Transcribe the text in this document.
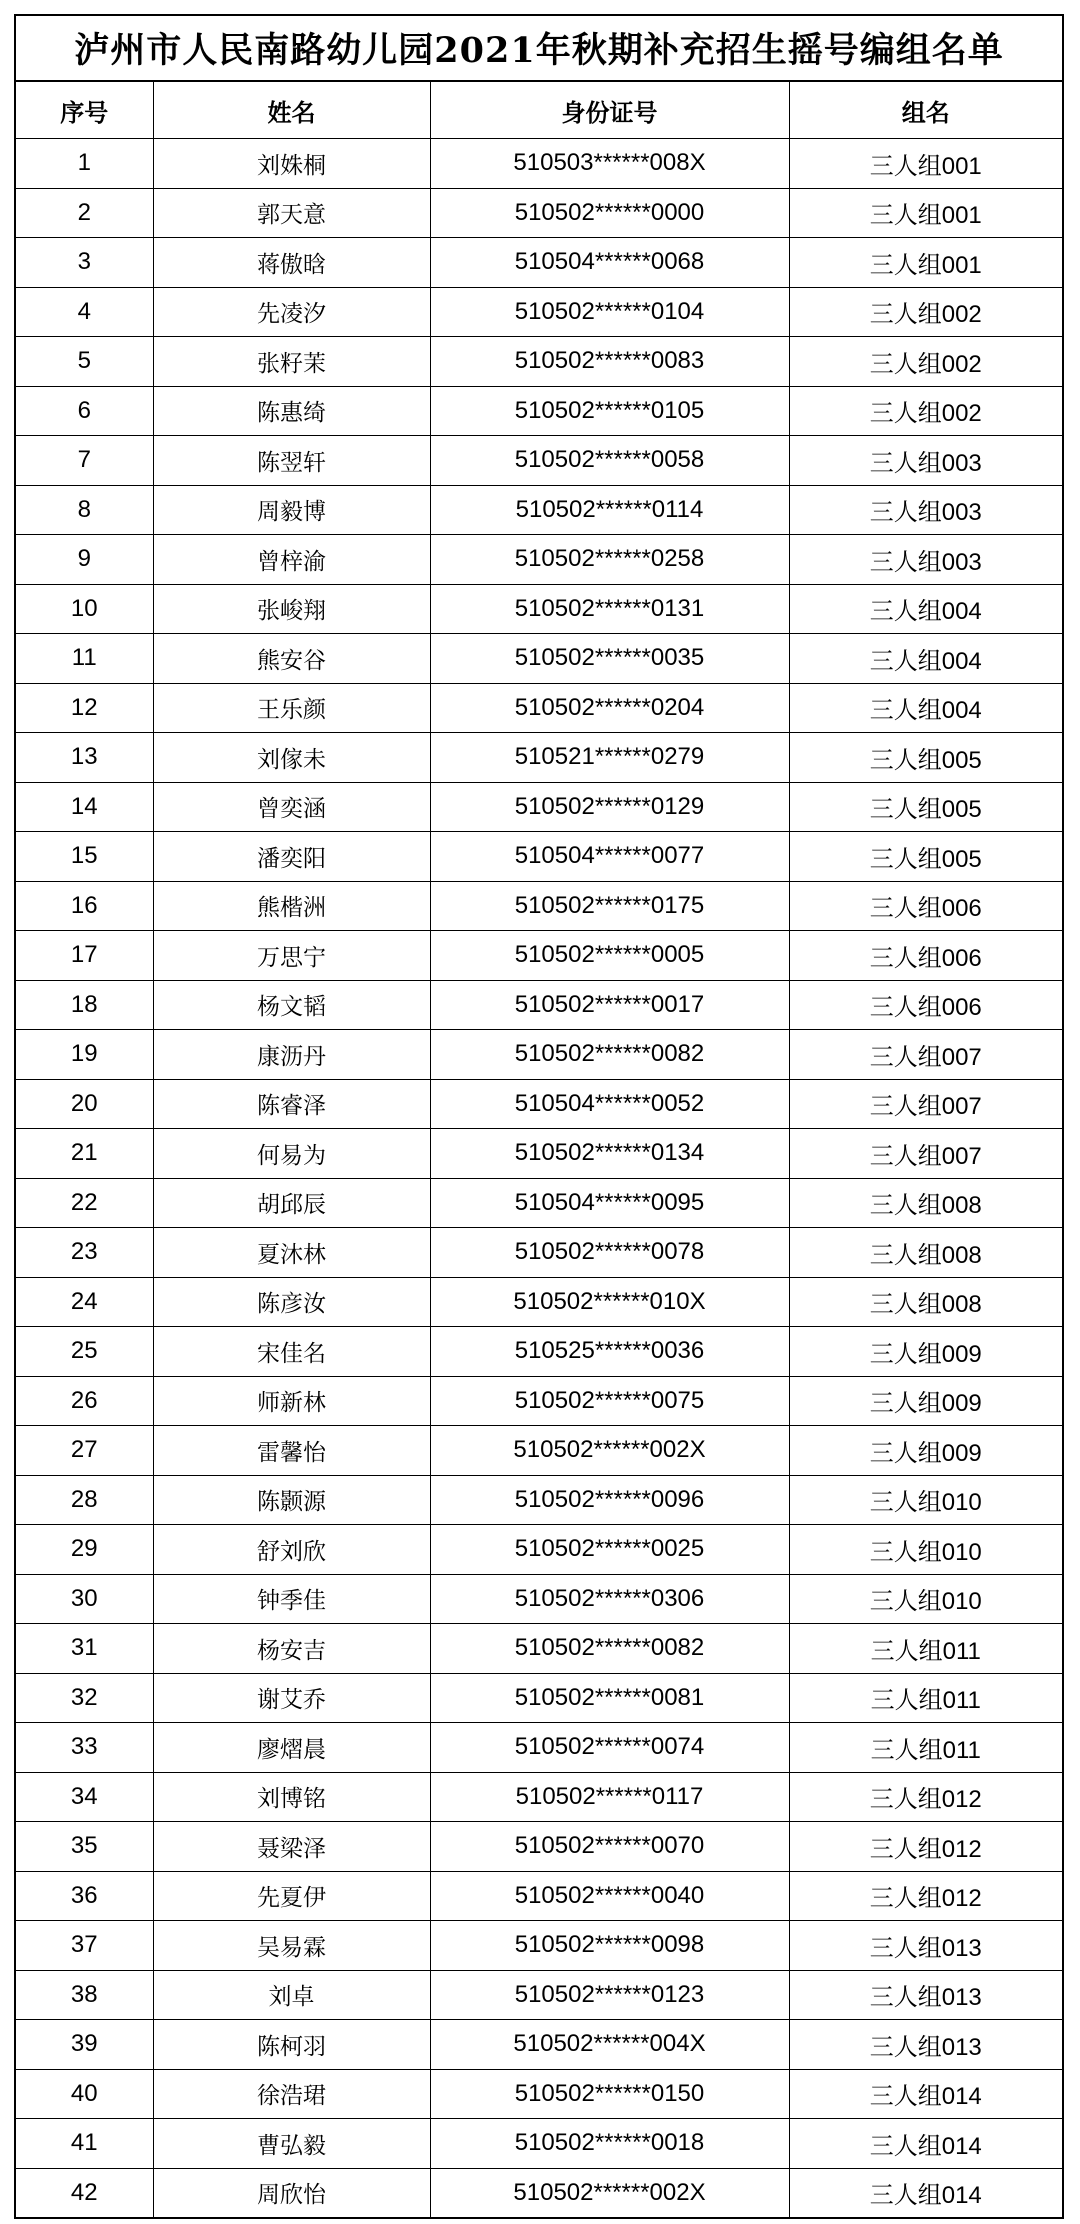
泸州市人民南路幼儿园2021年秋期补充招生摇号编组名单
序号	姓名	身份证号	组名
1	刘姝桐	510503******008X	三人组001
2	郭天意	510502******0000	三人组001
3	蒋傲晗	510504******0068	三人组001
4	先凌汐	510502******0104	三人组002
5	张籽茉	510502******0083	三人组002
6	陈惠绮	510502******0105	三人组002
7	陈翌轩	510502******0058	三人组003
8	周毅博	510502******0114	三人组003
9	曾梓渝	510502******0258	三人组003
10	张峻翔	510502******0131	三人组004
11	熊安谷	510502******0035	三人组004
12	王乐颜	510502******0204	三人组004
13	刘傢未	510521******0279	三人组005
14	曾奕涵	510502******0129	三人组005
15	潘奕阳	510504******0077	三人组005
16	熊楷洲	510502******0175	三人组006
17	万思宁	510502******0005	三人组006
18	杨文韬	510502******0017	三人组006
19	康沥丹	510502******0082	三人组007
20	陈睿泽	510504******0052	三人组007
21	何易为	510502******0134	三人组007
22	胡邱辰	510504******0095	三人组008
23	夏沐林	510502******0078	三人组008
24	陈彦汝	510502******010X	三人组008
25	宋佳名	510525******0036	三人组009
26	师新林	510502******0075	三人组009
27	雷馨怡	510502******002X	三人组009
28	陈颢源	510502******0096	三人组010
29	舒刘欣	510502******0025	三人组010
30	钟季佳	510502******0306	三人组010
31	杨安吉	510502******0082	三人组011
32	谢艾乔	510502******0081	三人组011
33	廖熠晨	510502******0074	三人组011
34	刘博铭	510502******0117	三人组012
35	聂梁泽	510502******0070	三人组012
36	先夏伊	510502******0040	三人组012
37	吴易霖	510502******0098	三人组013
38	刘卓	510502******0123	三人组013
39	陈柯羽	510502******004X	三人组013
40	徐浩珺	510502******0150	三人组014
41	曹弘毅	510502******0018	三人组014
42	周欣怡	510502******002X	三人组014
